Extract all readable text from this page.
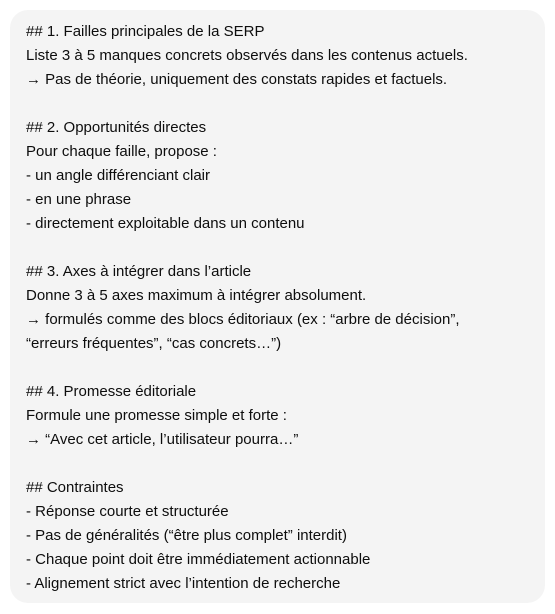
## 1. Failles principales de la SERP
Liste 3 à 5 manques concrets observés dans les contenus actuels.
→ Pas de théorie, uniquement des constats rapides et factuels.
## 2. Opportunités directes
Pour chaque faille, propose :
- un angle différenciant clair
- en une phrase
- directement exploitable dans un contenu
## 3. Axes à intégrer dans l’article
Donne 3 à 5 axes maximum à intégrer absolument.
→ formulés comme des blocs éditoriaux (ex : “arbre de décision”,
“erreurs fréquentes”, “cas concrets…”)
## 4. Promesse éditoriale
Formule une promesse simple et forte :
→ “Avec cet article, l’utilisateur pourra…”
## Contraintes
- Réponse courte et structurée
- Pas de généralités (“être plus complet” interdit)
- Chaque point doit être immédiatement actionnable
- Alignement strict avec l’intention de recherche
